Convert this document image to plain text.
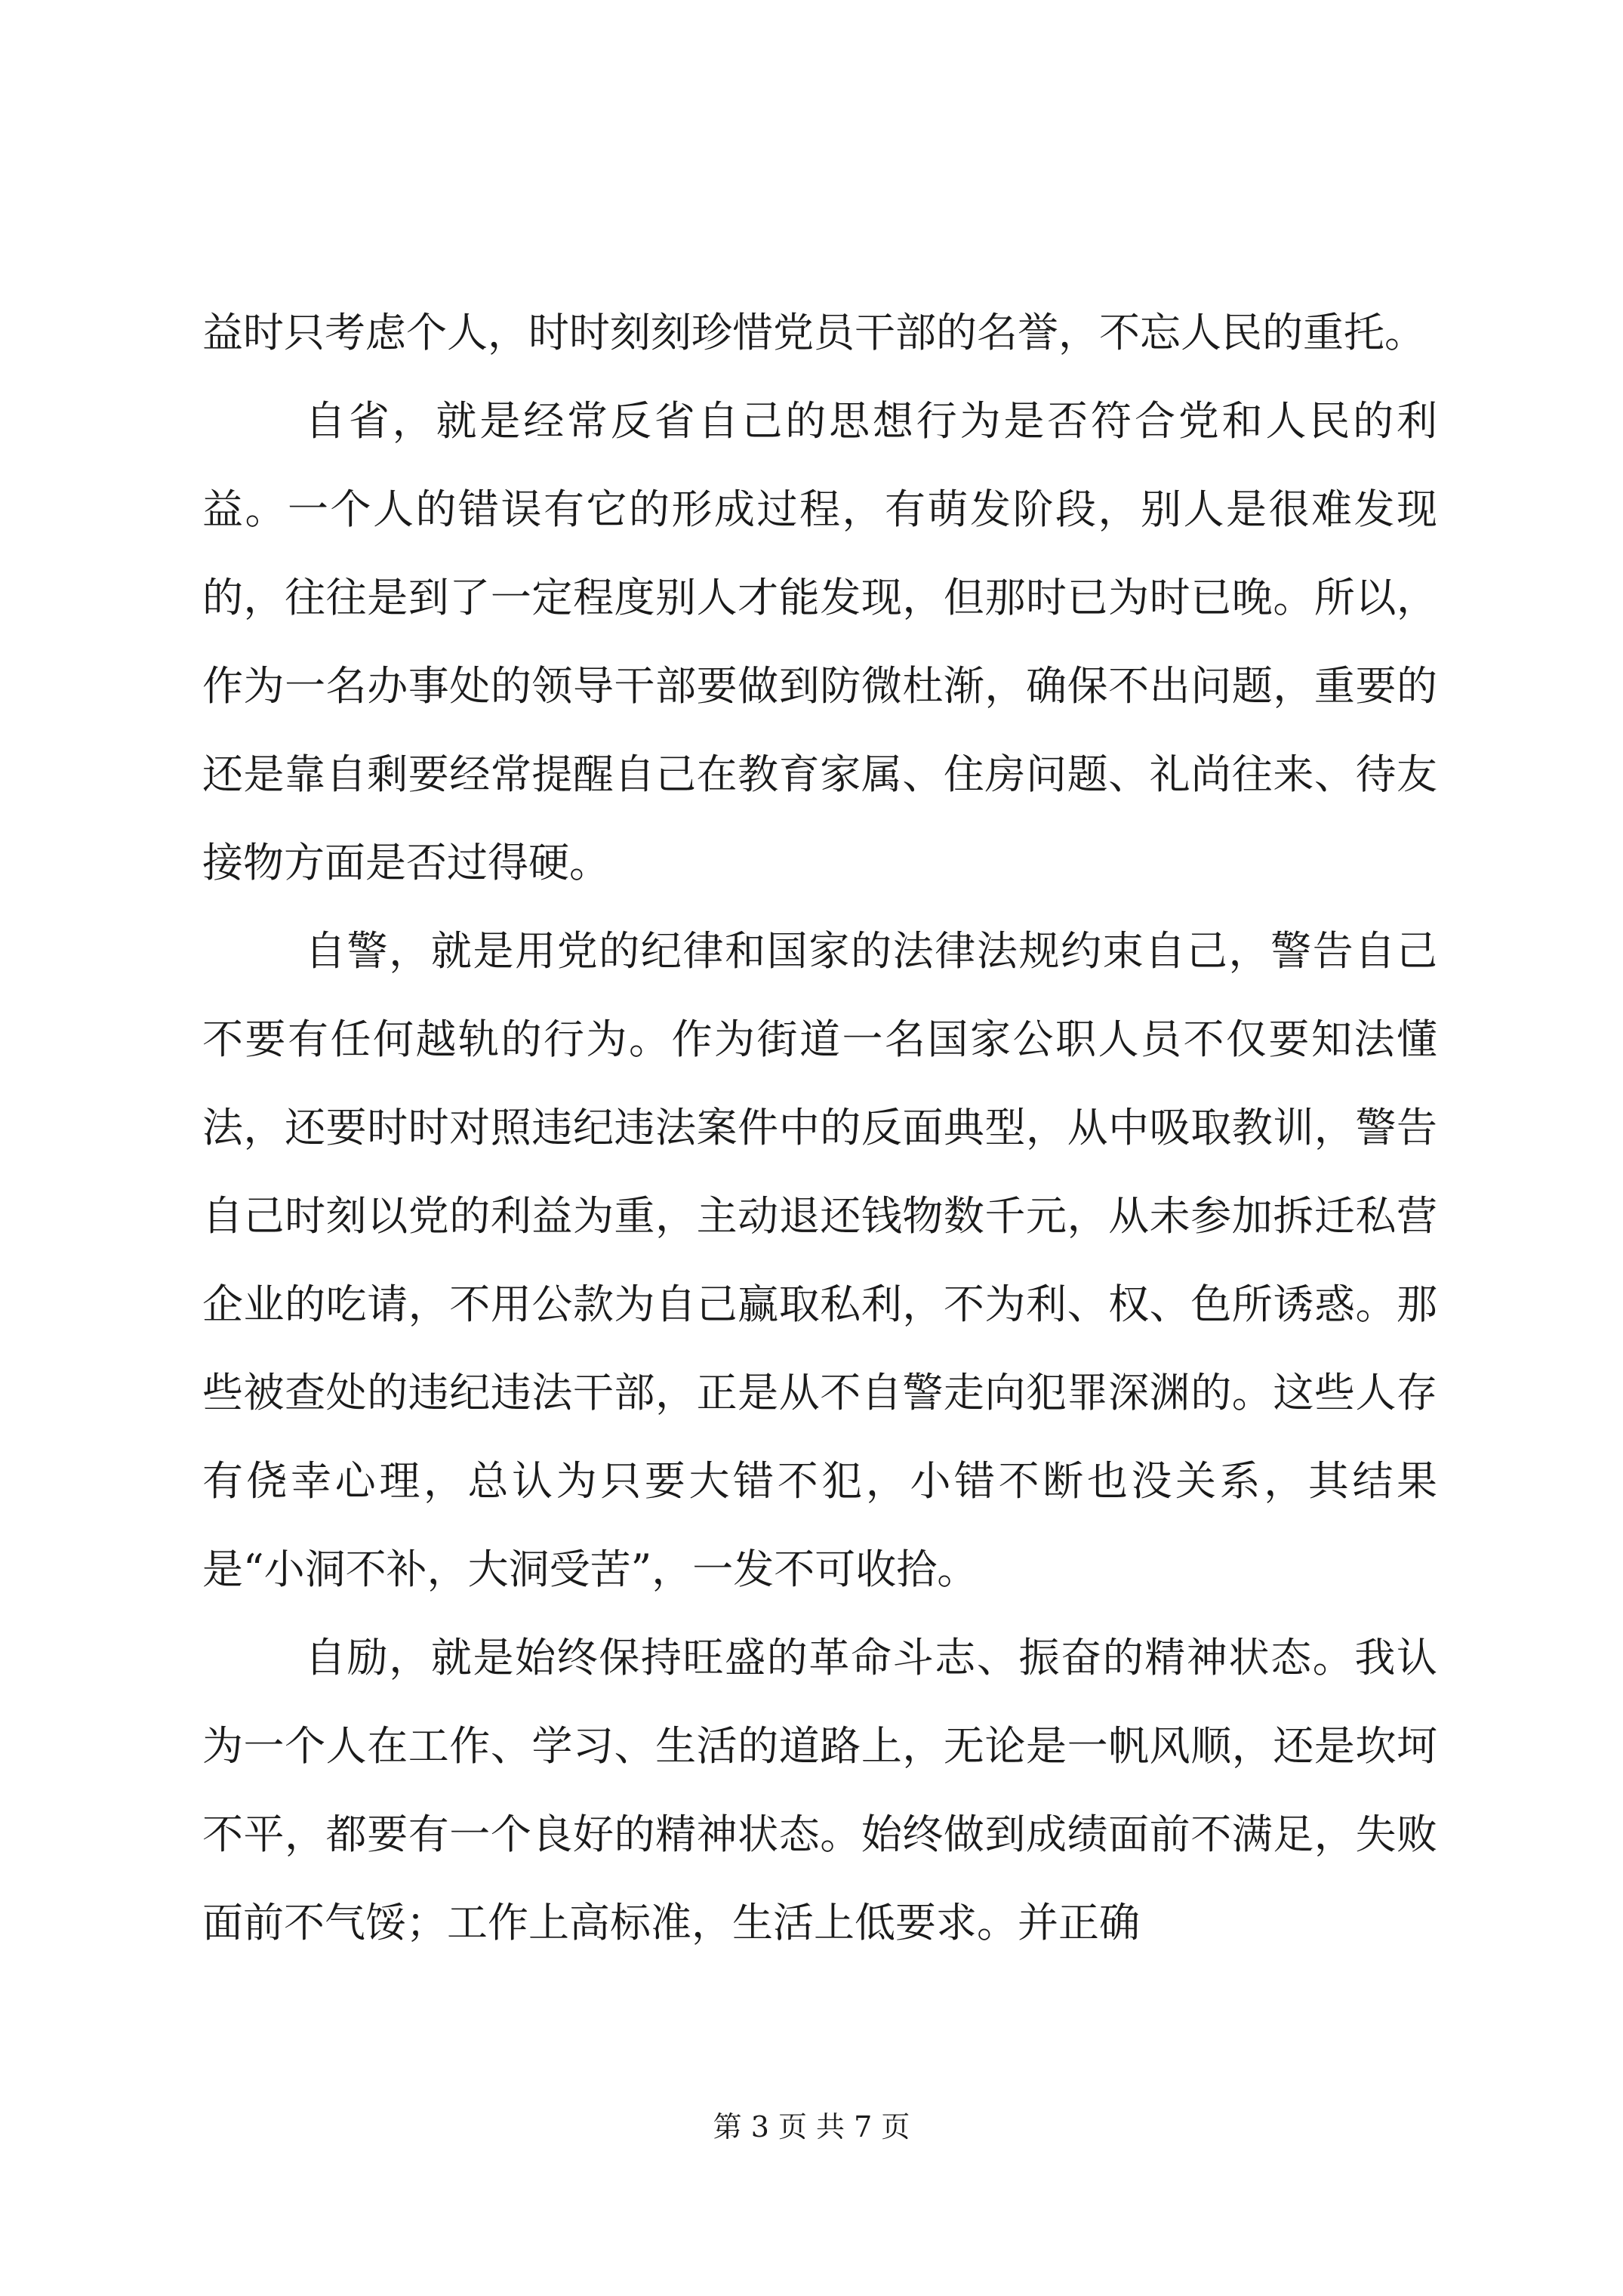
益时只考虑个人，时时刻刻珍惜党员干部的名誉，不忘人民的重托。

自省，就是经常反省自己的思想行为是否符合党和人民的利益。一个人的错误有它的形成过程，有萌发阶段，别人是很难发现的，往往是到了一定程度别人才能发现，但那时已为时已晚。所以，作为一名办事处的领导干部要做到防微杜渐，确保不出问题，重要的还是靠自剩要经常提醒自己在教育家属、住房问题、礼尚往来、待友接物方面是否过得硬。

自警，就是用党的纪律和国家的法律法规约束自己，警告自己不要有任何越轨的行为。作为街道一名国家公职人员不仅要知法懂法，还要时时对照违纪违法案件中的反面典型，从中吸取教训，警告自己时刻以党的利益为重，主动退还钱物数千元，从未参加拆迁私营企业的吃请，不用公款为自己赢取私利，不为利、权、色所诱惑。那些被查处的违纪违法干部，正是从不自警走向犯罪深渊的。这些人存有侥幸心理，总认为只要大错不犯，小错不断也没关系，其结果是“小洞不补，大洞受苦”，一发不可收拾。

自励，就是始终保持旺盛的革命斗志、振奋的精神状态。我认为一个人在工作、学习、生活的道路上，无论是一帆风顺，还是坎坷不平，都要有一个良好的精神状态。始终做到成绩面前不满足，失败面前不气馁；工作上高标准，生活上低要求。并正确

第 3 页 共 7 页
